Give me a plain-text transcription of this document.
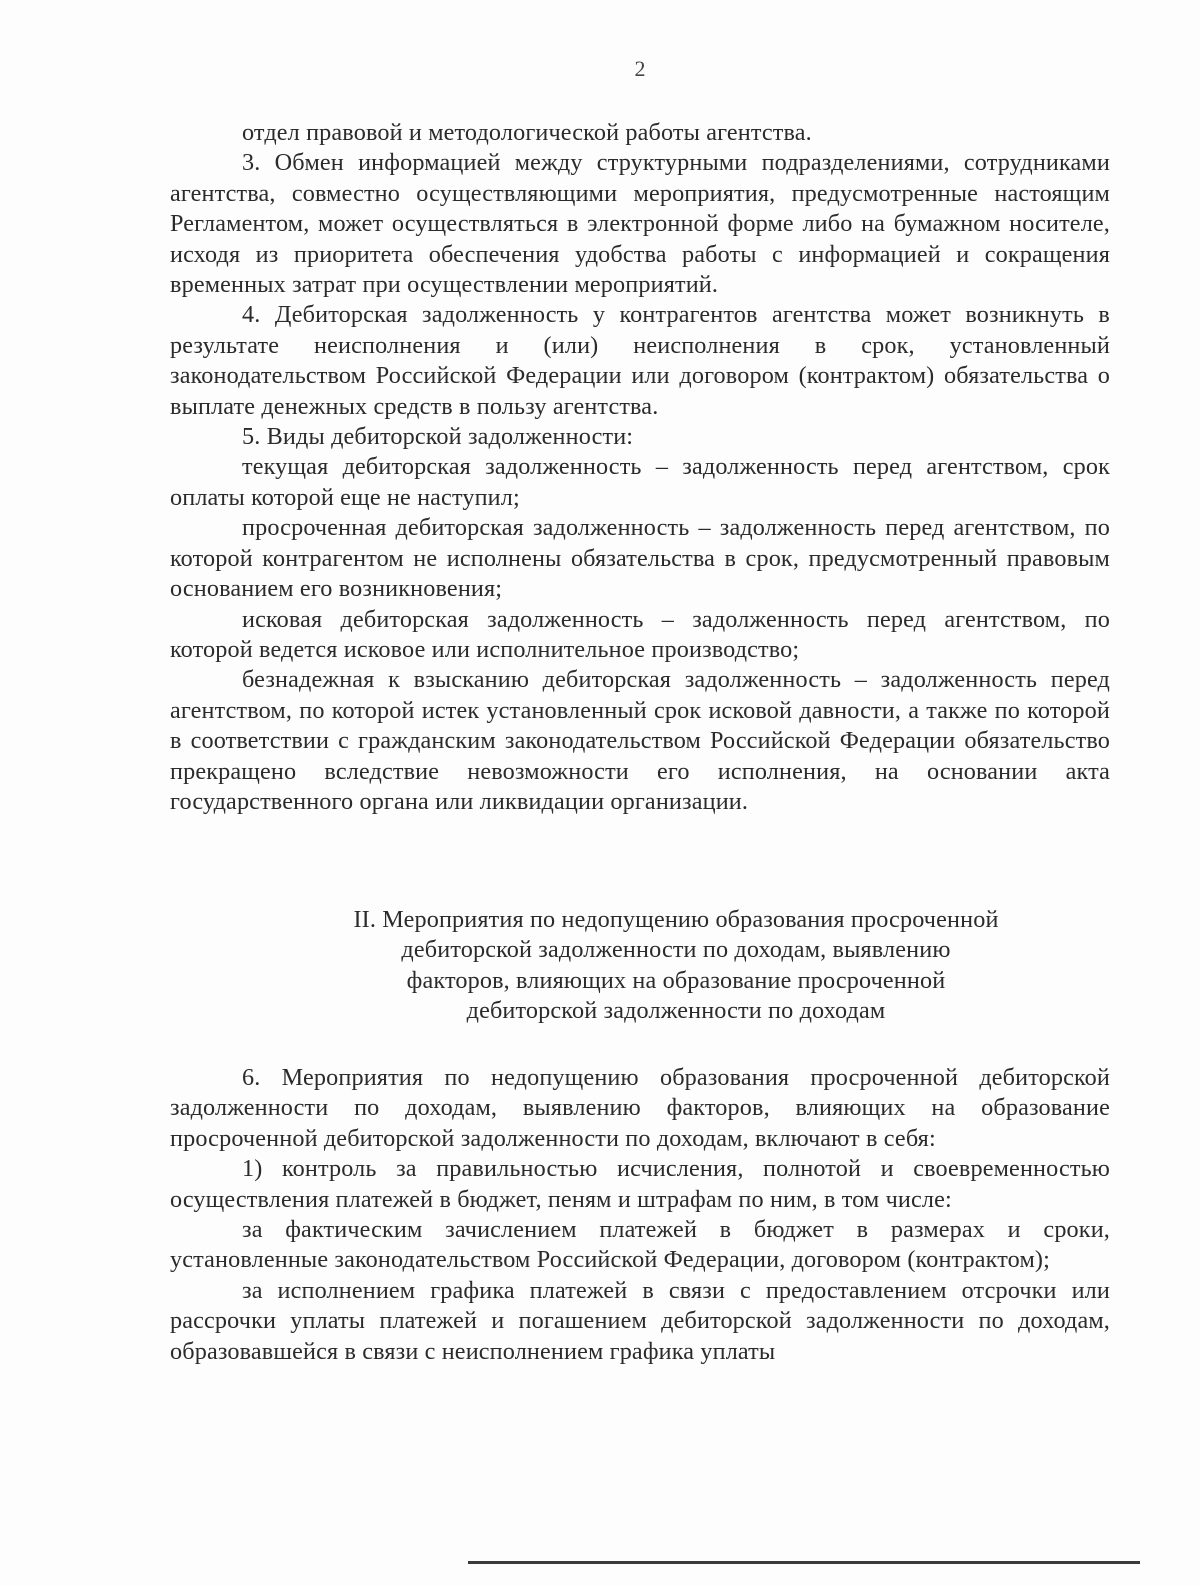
2

отдел правовой и методологической работы агентства.

3. Обмен информацией между структурными подразделениями, сотрудниками агентства, совместно осуществляющими мероприятия, предусмотренные настоящим Регламентом, может осуществляться в электронной форме либо на бумажном носителе, исходя из приоритета обеспечения удобства работы с информацией и сокращения временных затрат при осуществлении мероприятий.

4. Дебиторская задолженность у контрагентов агентства может возникнуть в результате неисполнения и (или) неисполнения в срок, установленный законодательством Российской Федерации или договором (контрактом) обязательства о выплате денежных средств в пользу агентства.

5. Виды дебиторской задолженности:

текущая дебиторская задолженность – задолженность перед агентством, срок оплаты которой еще не наступил;

просроченная дебиторская задолженность – задолженность перед агентством, по которой контрагентом не исполнены обязательства в срок, предусмотренный правовым основанием его возникновения;

исковая дебиторская задолженность – задолженность перед агентством, по которой ведется исковое или исполнительное производство;

безнадежная к взысканию дебиторская задолженность – задолженность перед агентством, по которой истек установленный срок исковой давности, а также по которой в соответствии с гражданским законодательством Российской Федерации обязательство прекращено вследствие невозможности его исполнения, на основании акта государственного органа или ликвидации организации.

II. Мероприятия по недопущению образования просроченной
дебиторской задолженности по доходам, выявлению
факторов, влияющих на образование просроченной
дебиторской задолженности по доходам

6. Мероприятия по недопущению образования просроченной дебиторской задолженности по доходам, выявлению факторов, влияющих на образование просроченной дебиторской задолженности по доходам, включают в себя:

1) контроль за правильностью исчисления, полнотой и своевременностью осуществления платежей в бюджет, пеням и штрафам по ним, в том числе:

за фактическим зачислением платежей в бюджет в размерах и сроки, установленные законодательством Российской Федерации, договором (контрактом);

за исполнением графика платежей в связи с предоставлением отсрочки или рассрочки уплаты платежей и погашением дебиторской задолженности по доходам, образовавшейся в связи с неисполнением графика уплаты
